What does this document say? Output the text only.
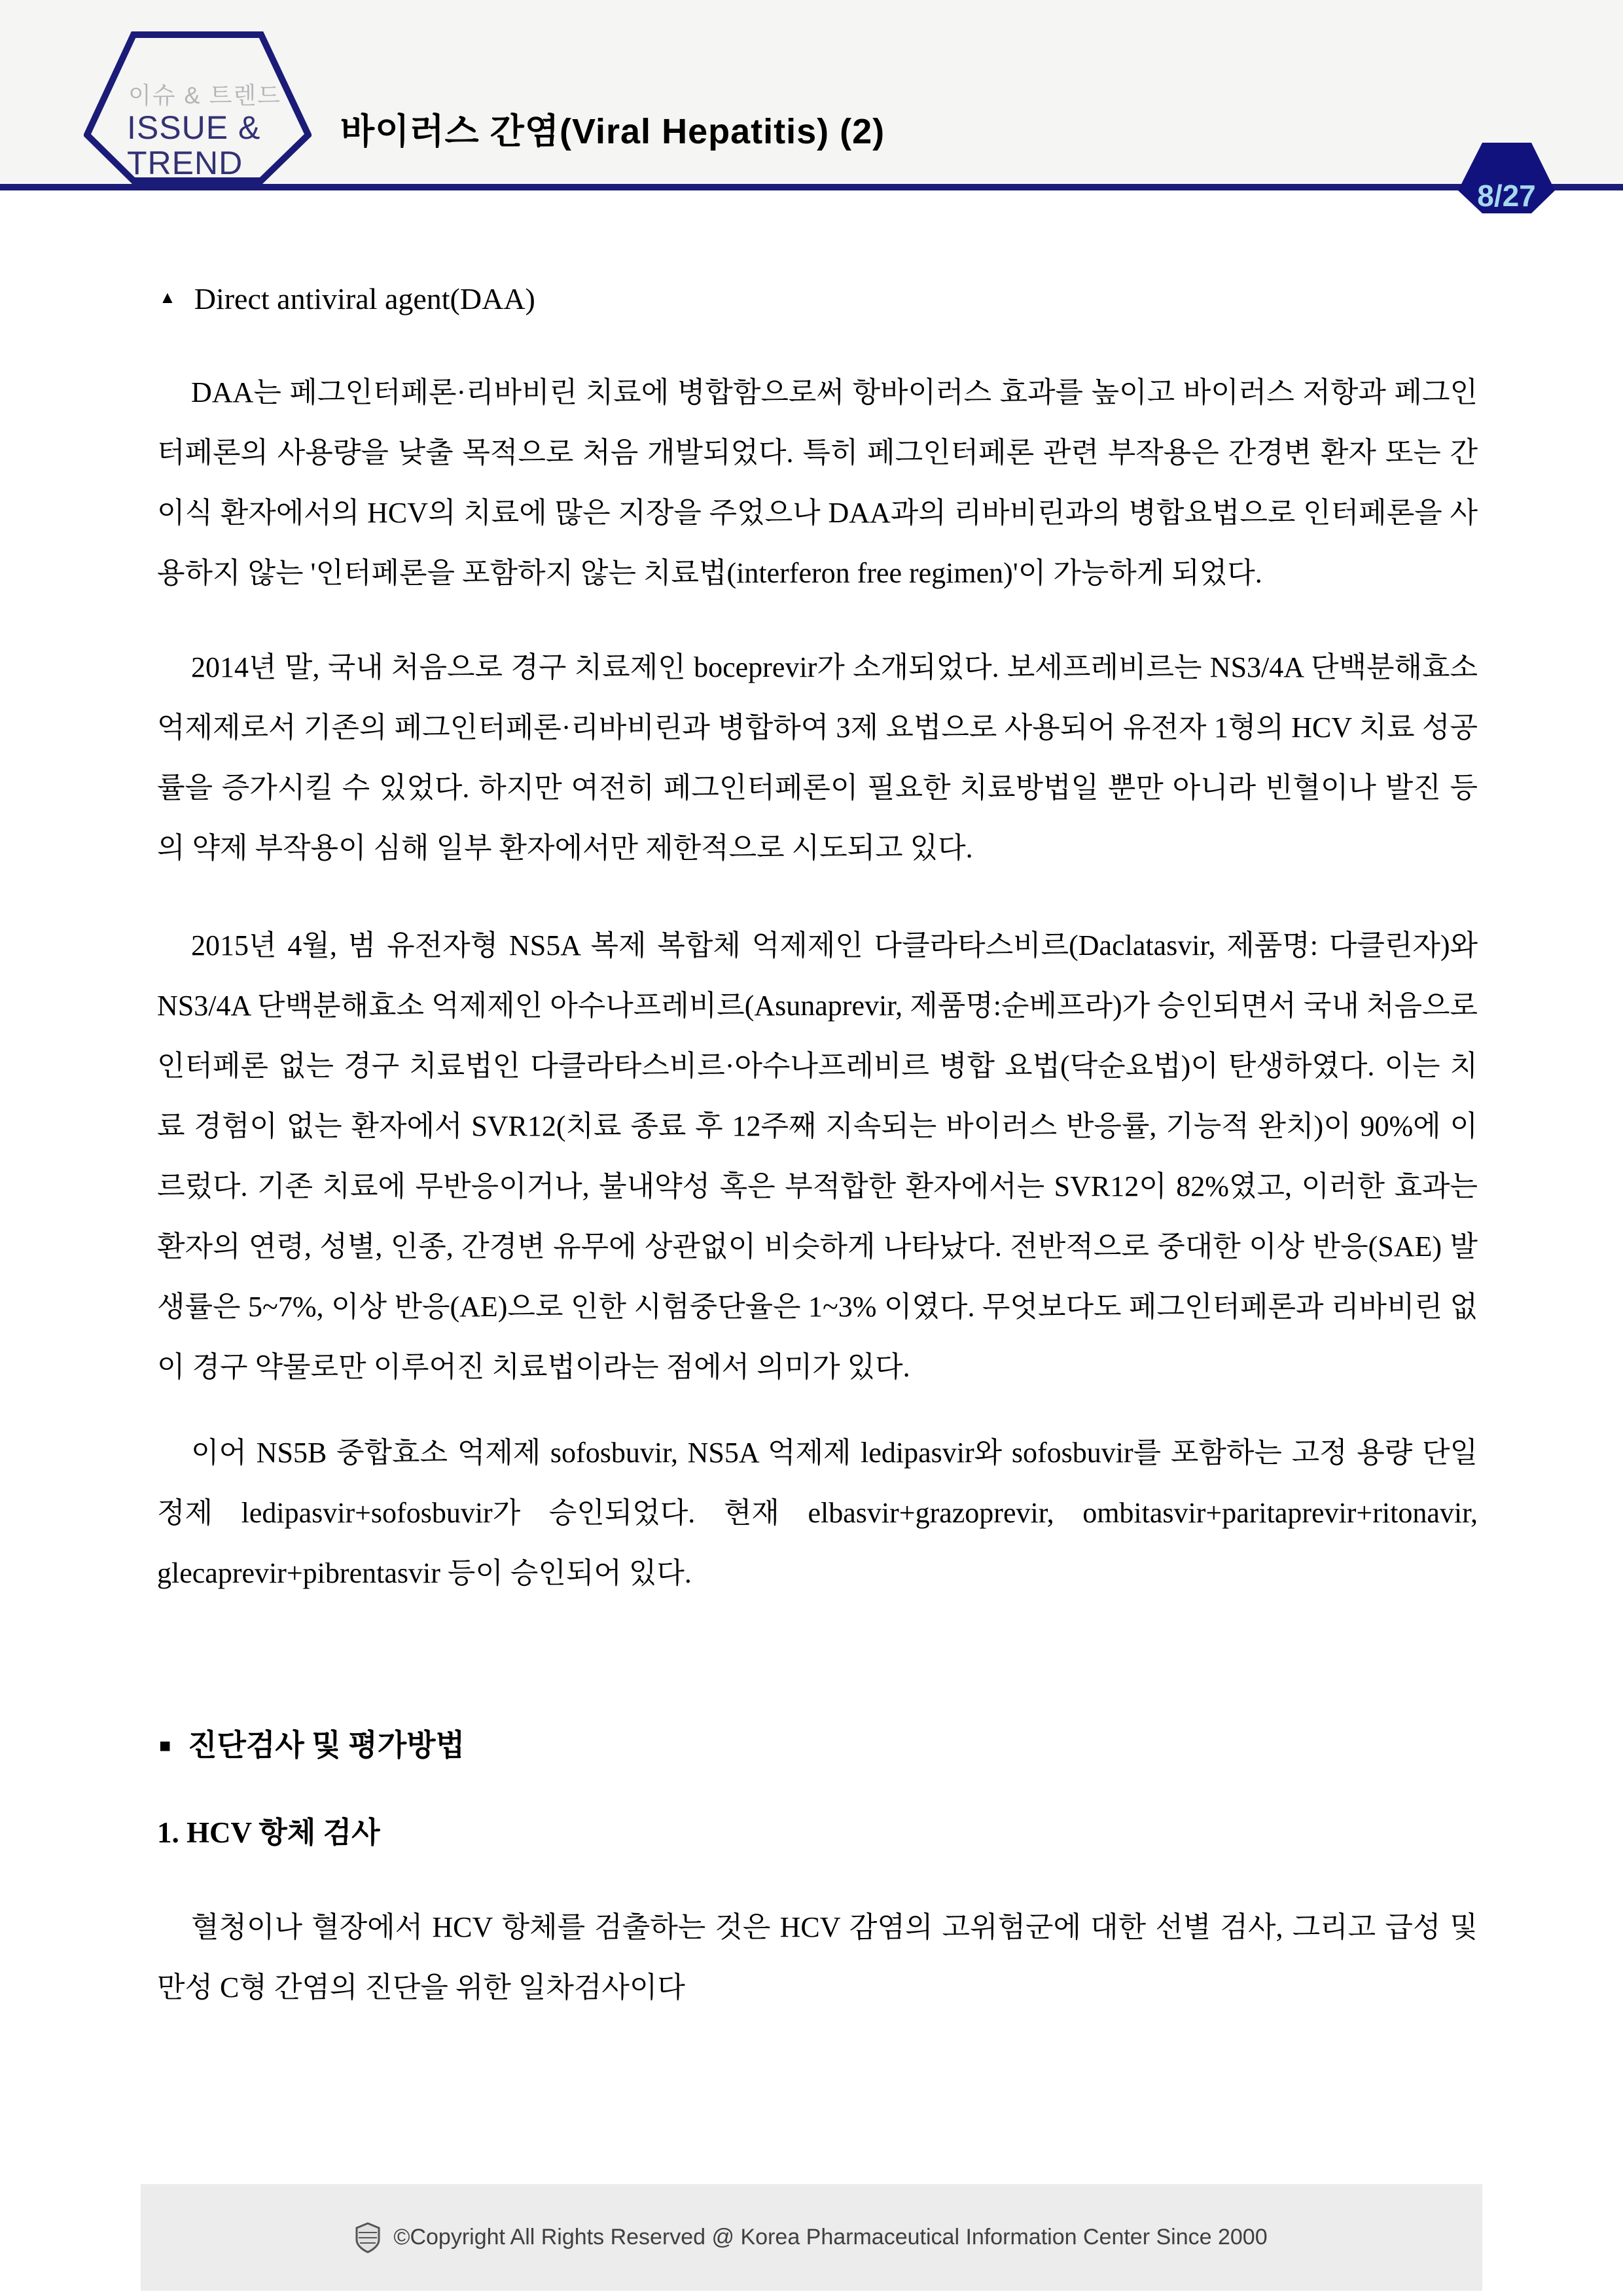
이슈 & 트렌드
ISSUE &
TREND
바이러스 간염(Viral Hepatitis) (2)
8/27
▲ Direct antiviral agent(DAA)
DAA는 페그인터페론·리바비린 치료에 병합함으로써 항바이러스 효과를 높이고 바이러스 저항과 페그인터페론의 사용량을 낮출 목적으로 처음 개발되었다. 특히 페그인터페론 관련 부작용은 간경변 환자 또는 간이식 환자에서의 HCV의 치료에 많은 지장을 주었으나 DAA과의 리바비린과의 병합요법으로 인터페론을 사용하지 않는 '인터페론을 포함하지 않는 치료법(interferon free regimen)'이 가능하게 되었다.
2014년 말, 국내 처음으로 경구 치료제인 boceprevir가 소개되었다. 보세프레비르는 NS3/4A 단백분해효소 억제제로서 기존의 페그인터페론·리바비린과 병합하여 3제 요법으로 사용되어 유전자 1형의 HCV 치료 성공률을 증가시킬 수 있었다. 하지만 여전히 페그인터페론이 필요한 치료방법일 뿐만 아니라 빈혈이나 발진 등의 약제 부작용이 심해 일부 환자에서만 제한적으로 시도되고 있다.
2015년 4월, 범 유전자형 NS5A 복제 복합체 억제제인 다클라타스비르(Daclatasvir, 제품명: 다클린자)와 NS3/4A 단백분해효소 억제제인 아수나프레비르(Asunaprevir, 제품명:순베프라)가 승인되면서 국내 처음으로 인터페론 없는 경구 치료법인 다클라타스비르·아수나프레비르 병합 요법(닥순요법)이 탄생하였다. 이는 치료 경험이 없는 환자에서 SVR12(치료 종료 후 12주째 지속되는 바이러스 반응률, 기능적 완치)이 90%에 이르렀다. 기존 치료에 무반응이거나, 불내약성 혹은 부적합한 환자에서는 SVR12이 82%였고, 이러한 효과는 환자의 연령, 성별, 인종, 간경변 유무에 상관없이 비슷하게 나타났다. 전반적으로 중대한 이상 반응(SAE) 발생률은 5~7%, 이상 반응(AE)으로 인한 시험중단율은 1~3% 이였다. 무엇보다도 페그인터페론과 리바비린 없이 경구 약물로만 이루어진 치료법이라는 점에서 의미가 있다.
이어 NS5B 중합효소 억제제 sofosbuvir, NS5A 억제제 ledipasvir와 sofosbuvir를 포함하는 고정 용량 단일 정제 ledipasvir+sofosbuvir가 승인되었다. 현재 elbasvir+grazoprevir, ombitasvir+paritaprevir+ritonavir, glecaprevir+pibrentasvir 등이 승인되어 있다.
■ 진단검사 및 평가방법
1. HCV 항체 검사
혈청이나 혈장에서 HCV 항체를 검출하는 것은 HCV 감염의 고위험군에 대한 선별 검사, 그리고 급성 및 만성 C형 간염의 진단을 위한 일차검사이다
©Copyright All Rights Reserved @ Korea Pharmaceutical Information Center Since 2000
